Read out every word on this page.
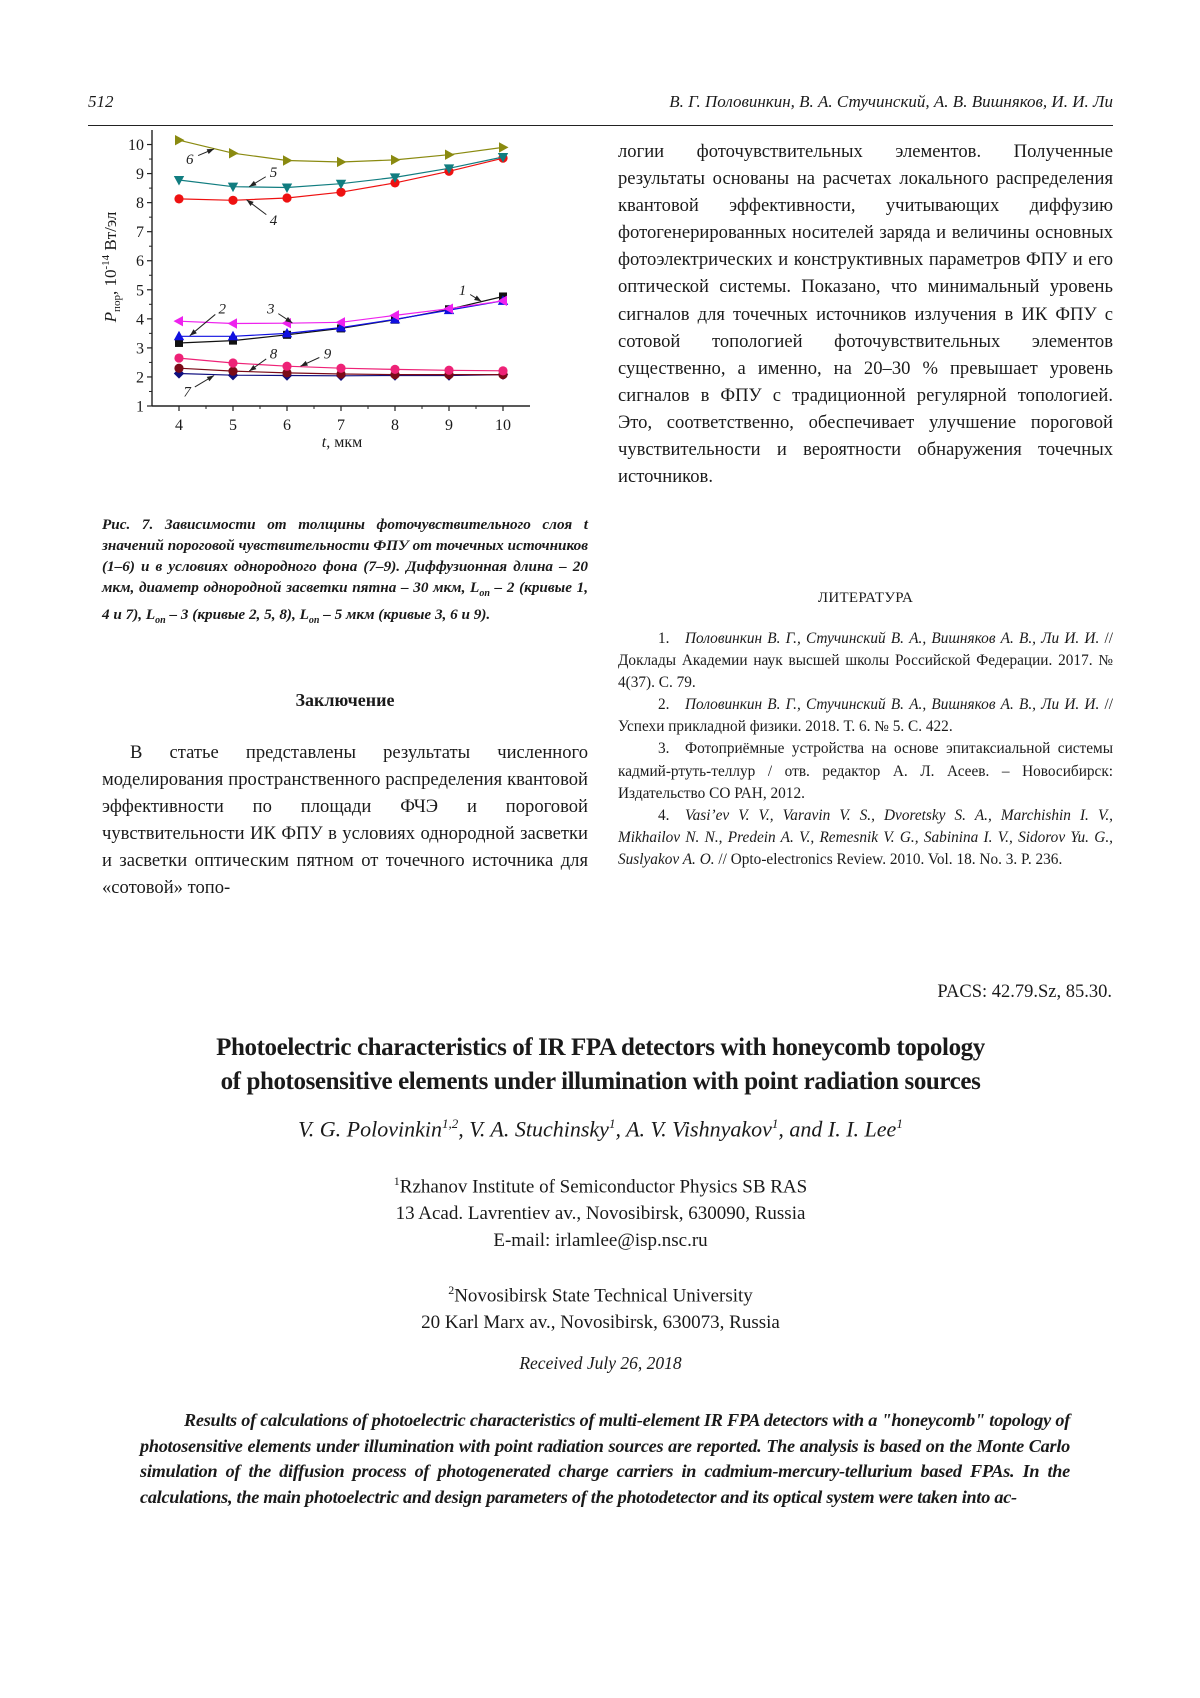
512	В. Г. Половинкин, В. А. Стучинский, А. В. Вишняков, И. И. Ли
1
2
3
4
5
6
7
8
9
10
4	5	6	7	8	9	10
1
2	3
4
5
6
7
8	9
$P_{пор}$, $10^{-14}$ Вт/эл
t, мкм

Рис. 7. Зависимости от толщины фоточувствительного слоя t значений пороговой чувствительности ФПУ от точечных источников (1–6) и в условиях однородного фона (7–9). Диффузионная длина – 20 мкм, диаметр однородной засветки пятна – 30 мкм, $L_{оп} - 2$ (кривые 1, 4 и 7), $L_{оп} - 3$ (кривые 2, 5, 8), $L_{оп} - 5$ мкм (кривые 3, 6 и 9).

Заключение

В статье представлены результаты численного моделирования пространственного распределения квантовой эффективности по площади ФЧЭ и пороговой чувствительности ИК ФПУ в условиях однородной засветки и засветки оптическим пятном от точечного источника для «сотовой» топо-

логии фоточувствительных элементов. Полученные результаты основаны на расчетах локального распределения квантовой эффективности, учитывающих диффузию фотогенерированных носителей заряда и величины основных фотоэлектрических и конструктивных параметров ФПУ и его оптической системы. Показано, что минимальный уровень сигналов для точечных источников излучения в ИК ФПУ с сотовой топологией фоточувствительных элементов существенно, а именно, на 20–30 % превышает уровень сигналов в ФПУ с традиционной регулярной топологией. Это, соответственно, обеспечивает улучшение пороговой чувствительности и вероятности обнаружения точечных источников.

ЛИТЕРАТУРА

1. Половинкин В. Г., Стучинский В. А., Вишняков А. В., Ли И. И. // Доклады Академии наук высшей школы Российской Федерации. 2017. № 4(37). С. 79.

2. Половинкин В. Г., Стучинский В. А., Вишняков А. В., Ли И. И. // Успехи прикладной физики. 2018. Т. 6. № 5. С. 422.

3. Фотоприёмные устройства на основе эпитаксиальной системы кадмий-ртуть-теллур / отв. редактор А. Л. Асеев. – Новосибирск: Издательство СО РАН, 2012.

4. Vasi’ev V. V., Varavin V. S., Dvoretsky S. A., Marchishin I. V., Mikhailov N. N., Predein A. V., Remesnik V. G., Sabinina I. V., Sidorov Yu. G., Suslyakov A. O. // Opto-electronics Review. 2010. Vol. 18. No. 3. P. 236.

PACS: 42.79.Sz, 85.30.
Photoelectric characteristics of IR FPA detectors with honeycomb topology
of photosensitive elements under illumination with point radiation sources
V. G. Polovinkin$^{1,2}$, V. A. Stuchinsky$^1$, A. V. Vishnyakov$^1$, and I. I. Lee$^1$
$^1$Rzhanov Institute of Semiconductor Physics SB RAS
13 Acad. Lavrentiev av., Novosibirsk, 630090, Russia
E-mail: irlamlee@isp.nsc.ru
$^2$Novosibirsk State Technical University
20 Karl Marx av., Novosibirsk, 630073, Russia
Received July 26, 2018

Results of calculations of photoelectric characteristics of multi-element IR FPA detectors with a "honeycomb" topology of photosensitive elements under illumination with point radiation sources are reported. The analysis is based on the Monte Carlo simulation of the diffusion process of photogenerated charge carriers in cadmium-mercury-tellurium based FPAs. In the calculations, the main photoelectric and design parameters of the photodetector and its optical system were taken into ac-
